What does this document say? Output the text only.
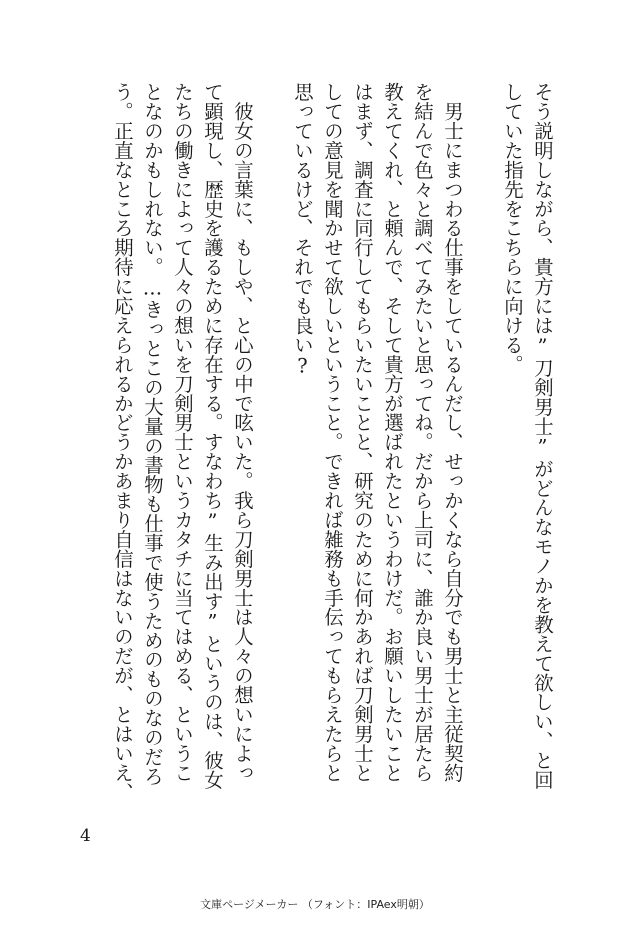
そう説明しながら、貴方には”刀剣男士”がどんなモノかを教えて欲しい、と回
していた指先をこちらに向ける。
　男士にまつわる仕事をしているんだし、せっかくなら自分でも男士と主従契約
を結んで色々と調べてみたいと思ってね。だから上司に、誰か良い男士が居たら
教えてくれ、と頼んで、そして貴方が選ばれたというわけだ。お願いしたいこと
はまず、調査に同行してもらいたいことと、研究のために何かあれば刀剣男士と
しての意見を聞かせて欲しいということ。できれば雑務も手伝ってもらえたらと
思っているけど、それでも良い?
　彼女の言葉に、もしや、と心の中で呟いた。我ら刀剣男士は人々の想いによっ
て顕現し、歴史を護るために存在する。すなわち”生み出す”というのは、彼女
たちの働きによって人々の想いを刀剣男士というカタチに当てはめる、というこ
となのかもしれない。…きっとこの大量の書物も仕事で使うためのものなのだろ
う。正直なところ期待に応えられるかどうかあまり自信はないのだが、とはいえ、
4
文庫ページメーカー （フォント：IPAex明朝）
